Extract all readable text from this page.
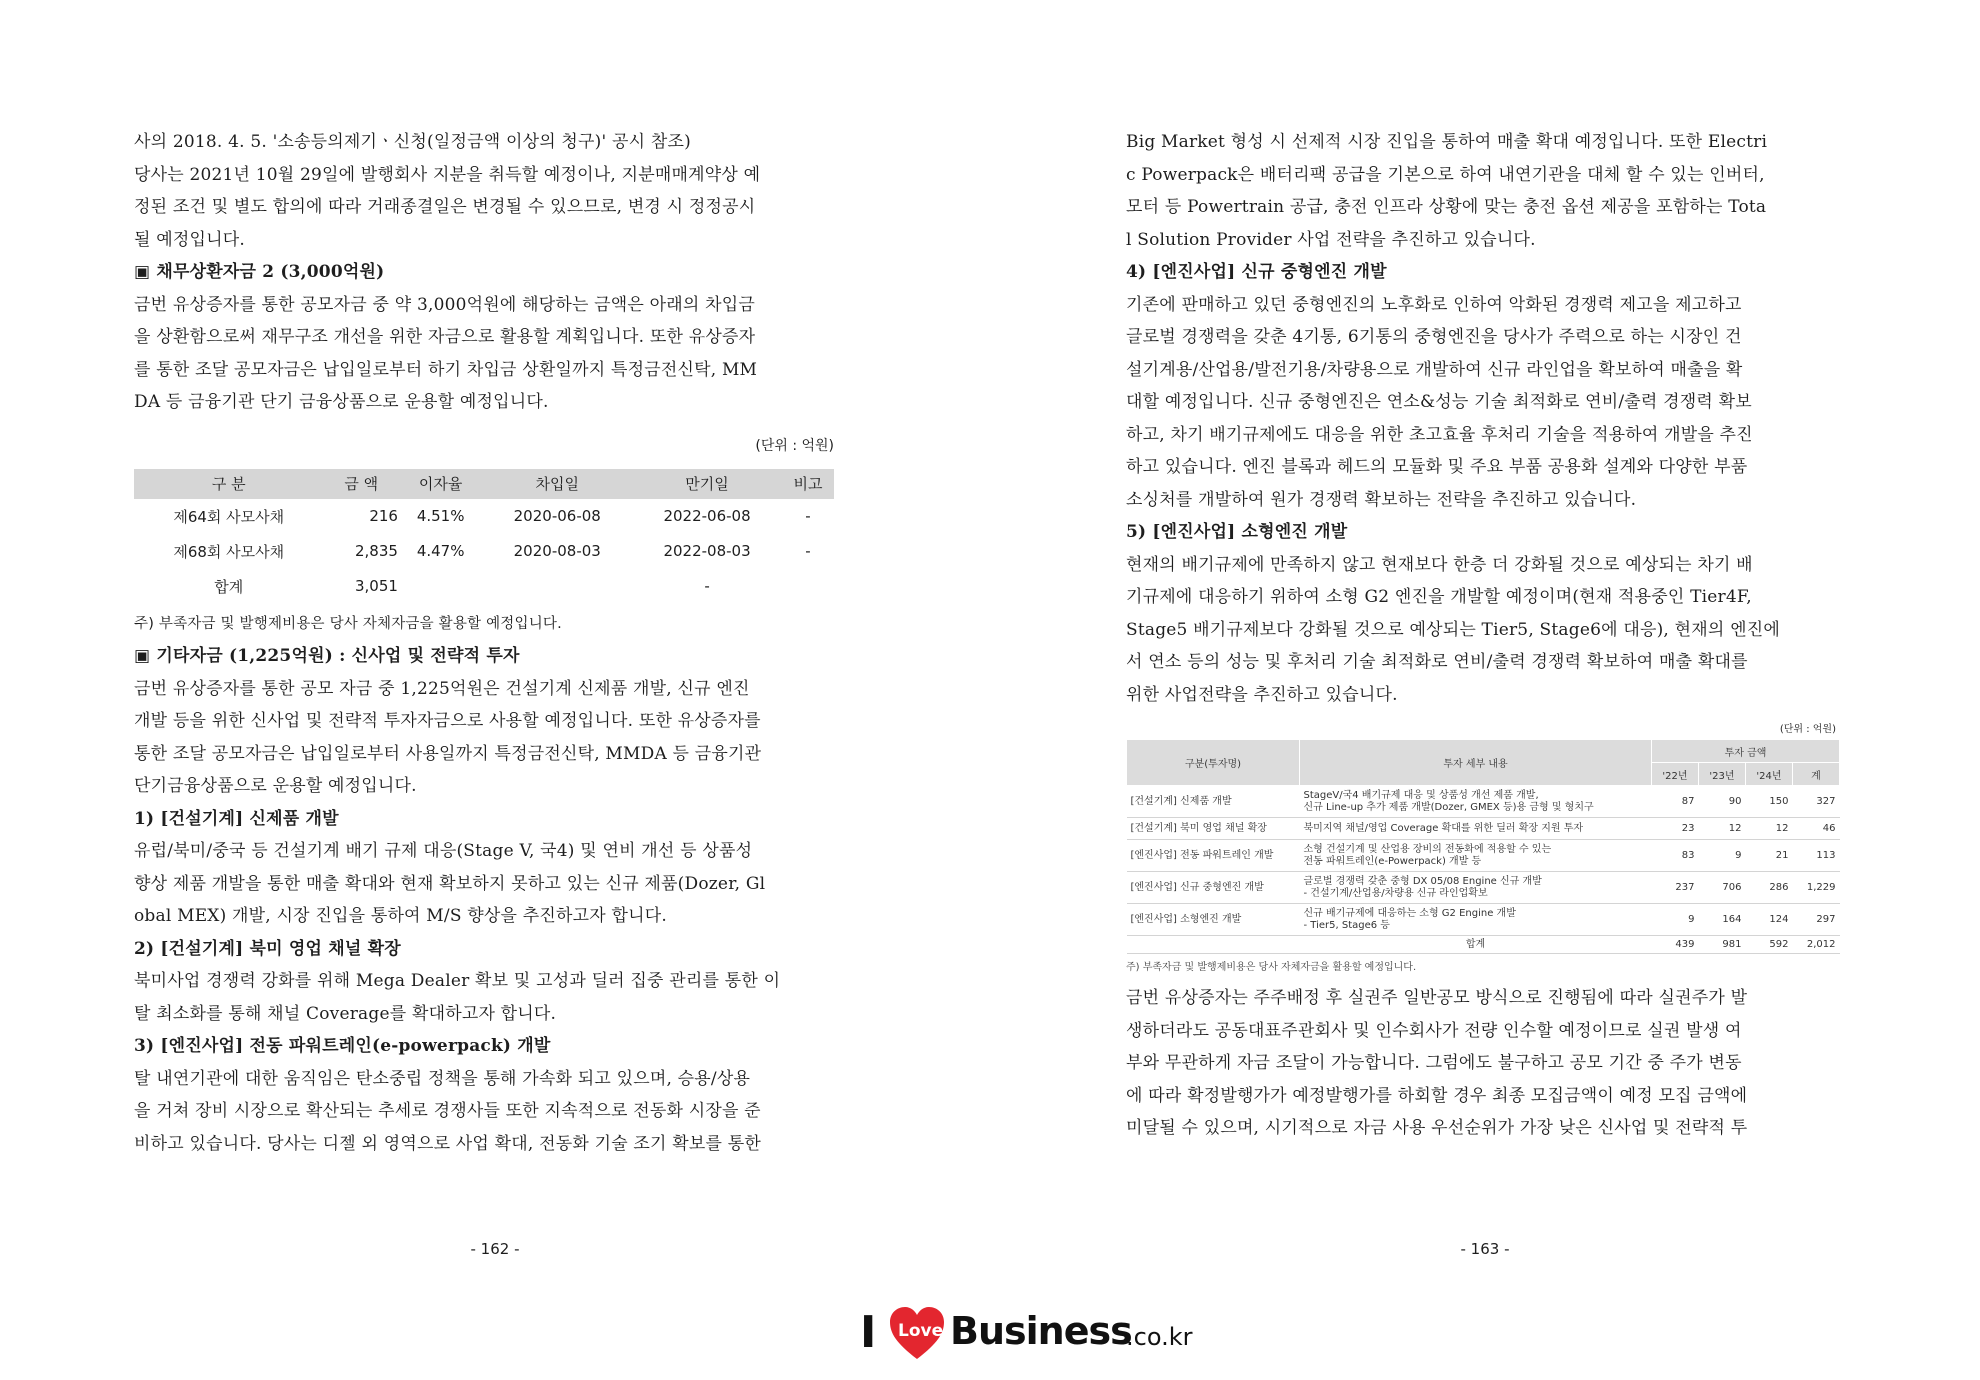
사의 2018. 4. 5. '소송등의제기ㆍ신청(일정금액 이상의 청구)' 공시 참조)
당사는 2021년 10월 29일에 발행회사 지분을 취득할 예정이나, 지분매매계약상 예
정된 조건 및 별도 합의에 따라 거래종결일은 변경될 수 있으므로, 변경 시 정정공시
될 예정입니다.
▣ 채무상환자금 2 (3,000억원)
금번 유상증자를 통한 공모자금 중 약 3,000억원에 해당하는 금액은 아래의 차입금
을 상환함으로써 재무구조 개선을 위한 자금으로 활용할 계획입니다. 또한 유상증자
를 통한 조달 공모자금은 납입일로부터 하기 차입금 상환일까지 특정금전신탁, MM
DA 등 금융기관 단기 금융상품으로 운용할 예정입니다.
(단위 : 억원)
구 분	금 액	이자율	차입일	만기일	비고
제64회 사모사채	216	4.51%	2020-06-08	2022-06-08	-
제68회 사모사채	2,835	4.47%	2020-08-03	2022-08-03	-
합계	3,051			-	
주) 부족자금 및 발행제비용은 당사 자체자금을 활용할 예정입니다.
▣ 기타자금 (1,225억원) : 신사업 및 전략적 투자
금번 유상증자를 통한 공모 자금 중 1,225억원은 건설기계 신제품 개발, 신규 엔진
개발 등을 위한 신사업 및 전략적 투자자금으로 사용할 예정입니다. 또한 유상증자를
통한 조달 공모자금은 납입일로부터 사용일까지 특정금전신탁, MMDA 등 금융기관
단기금융상품으로 운용할 예정입니다.
1) [건설기계] 신제품 개발
유럽/북미/중국 등 건설기계 배기 규제 대응(Stage V, 국4) 및 연비 개선 등 상품성
향상 제품 개발을 통한 매출 확대와 현재 확보하지 못하고 있는 신규 제품(Dozer, Gl
obal MEX) 개발, 시장 진입을 통하여 M/S 향상을 추진하고자 합니다.
2) [건설기계] 북미 영업 채널 확장
북미사업 경쟁력 강화를 위해 Mega Dealer 확보 및 고성과 딜러 집중 관리를 통한 이
탈 최소화를 통해 채널 Coverage를 확대하고자 합니다.
3) [엔진사업] 전동 파워트레인(e-powerpack) 개발
탈 내연기관에 대한 움직임은 탄소중립 정책을 통해 가속화 되고 있으며, 승용/상용
을 거쳐 장비 시장으로 확산되는 추세로 경쟁사들 또한 지속적으로 전동화 시장을 준
비하고 있습니다. 당사는 디젤 외 영역으로 사업 확대, 전동화 기술 조기 확보를 통한
- 162 -
Big Market 형성 시 선제적 시장 진입을 통하여 매출 확대 예정입니다. 또한 Electri
c Powerpack은 배터리팩 공급을 기본으로 하여 내연기관을 대체 할 수 있는 인버터,
모터 등 Powertrain 공급, 충전 인프라 상황에 맞는 충전 옵션 제공을 포함하는 Tota
l Solution Provider 사업 전략을 추진하고 있습니다.
4) [엔진사업] 신규 중형엔진 개발
기존에 판매하고 있던 중형엔진의 노후화로 인하여 악화된 경쟁력 제고을 제고하고
글로벌 경쟁력을 갖춘 4기통, 6기통의 중형엔진을 당사가 주력으로 하는 시장인 건
설기계용/산업용/발전기용/차량용으로 개발하여 신규 라인업을 확보하여 매출을 확
대할 예정입니다. 신규 중형엔진은 연소&성능 기술 최적화로 연비/출력 경쟁력 확보
하고, 차기 배기규제에도 대응을 위한 초고효율 후처리 기술을 적용하여 개발을 추진
하고 있습니다. 엔진 블록과 헤드의 모듈화 및 주요 부품 공용화 설계와 다양한 부품
소싱처를 개발하여 원가 경쟁력 확보하는 전략을 추진하고 있습니다.
5) [엔진사업] 소형엔진 개발
현재의 배기규제에 만족하지 않고 현재보다 한층 더 강화될 것으로 예상되는 차기 배
기규제에 대응하기 위하여 소형 G2 엔진을 개발할 예정이며(현재 적용중인 Tier4F,
Stage5 배기규제보다 강화될 것으로 예상되는 Tier5, Stage6에 대응), 현재의 엔진에
서 연소 등의 성능 및 후처리 기술 최적화로 연비/출력 경쟁력 확보하여 매출 확대를
위한 사업전략을 추진하고 있습니다.
(단위 : 억원)
구분(투자명)	투자 세부 내용	투자 금액			
		'22년	'23년	'24년	계
[건설기계] 신제품 개발	StageV/국4 배기규제 대응 및 상품성 개선 제품 개발,
신규 Line-up 추가 제품 개발(Dozer, GMEX 등)용 금형 및 형치구	87	90	150	327
[건설기계] 북미 영업 채널 확장	북미지역 채널/영업 Coverage 확대를 위한 딜러 확장 지원 투자	23	12	12	46
[엔진사업] 전동 파워트레인 개발	소형 건설기계 및 산업용 장비의 전동화에 적용할 수 있는
전동 파워트레인(e-Powerpack) 개발 등	83	9	21	113
[엔진사업] 신규 중형엔진 개발	글로벌 경쟁력 갖춘 중형 DX 05/08 Engine 신규 개발
- 건설기계/산업용/차량용 신규 라인업확보	237	706	286	1,229
[엔진사업] 소형엔진 개발	신규 배기규제에 대응하는 소형 G2 Engine 개발
- Tier5, Stage6 등	9	164	124	297
	합계	439	981	592	2,012
주) 부족자금 및 발행제비용은 당사 자체자금을 활용할 예정입니다.
금번 유상증자는 주주배정 후 실권주 일반공모 방식으로 진행됨에 따라 실권주가 발
생하더라도 공동대표주관회사 및 인수회사가 전량 인수할 예정이므로 실권 발생 여
부와 무관하게 자금 조달이 가능합니다. 그럼에도 불구하고 공모 기간 중 주가 변동
에 따라 확정발행가가 예정발행가를 하회할 경우 최종 모집금액이 예정 모집 금액에
미달될 수 있으며, 시기적으로 자금 사용 우선순위가 가장 낮은 신사업 및 전략적 투
- 163 -
I Love Business
.co.kr
